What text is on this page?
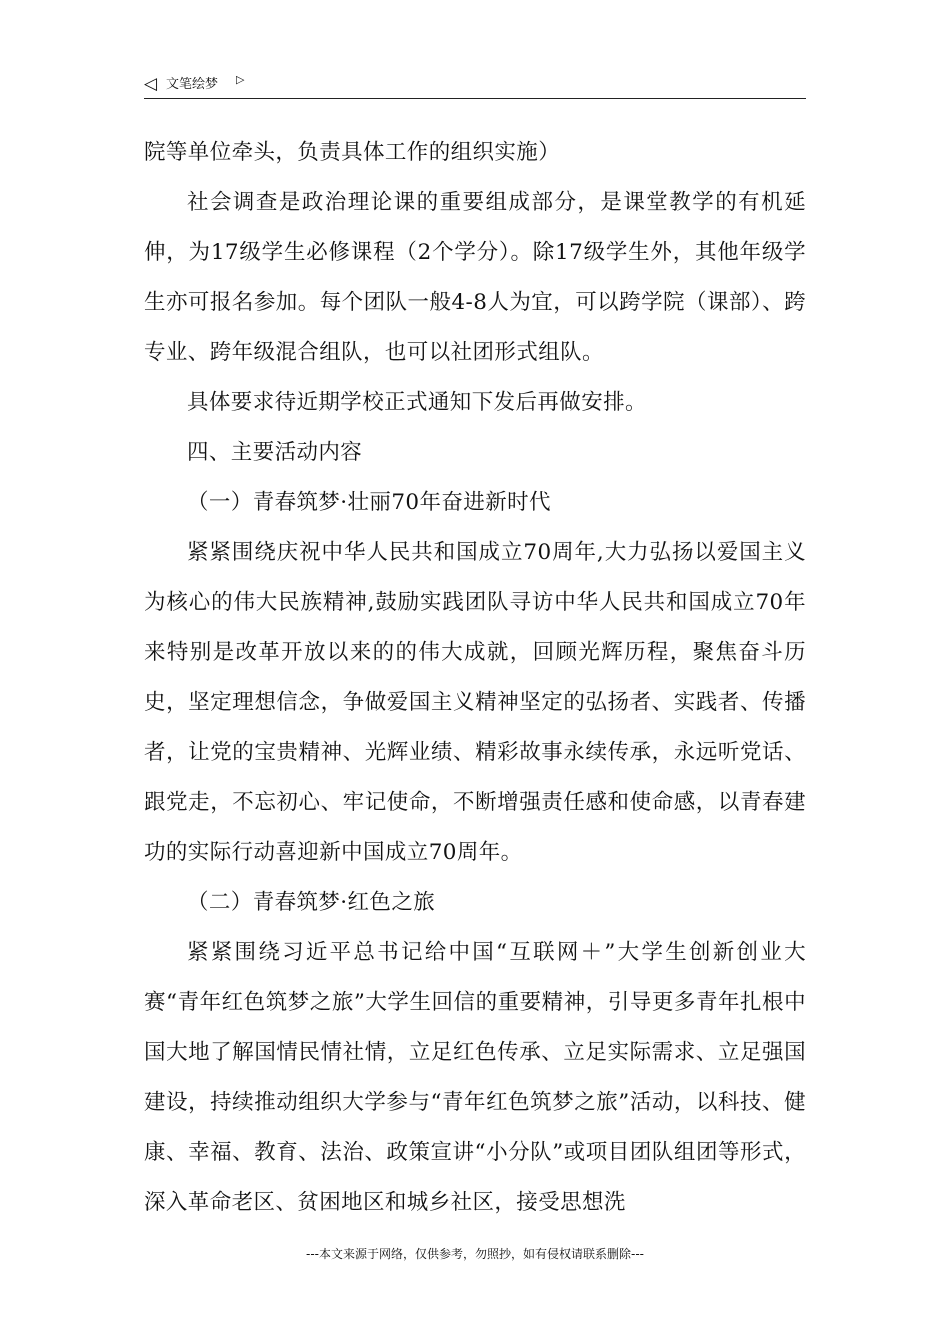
◁ 文笔绘梦 ▷

院等单位牵头，负责具体工作的组织实施）

社会调查是政治理论课的重要组成部分，是课堂教学的有机延伸，为17级学生必修课程（2个学分）。除17级学生外，其他年级学生亦可报名参加。每个团队一般4-8人为宜，可以跨学院（课部）、跨专业、跨年级混合组队，也可以社团形式组队。

具体要求待近期学校正式通知下发后再做安排。

四、主要活动内容

（一）青春筑梦·壮丽70年奋进新时代

紧紧围绕庆祝中华人民共和国成立70周年,大力弘扬以爱国主义为核心的伟大民族精神,鼓励实践团队寻访中华人民共和国成立70年来特别是改革开放以来的的伟大成就，回顾光辉历程，聚焦奋斗历史，坚定理想信念，争做爱国主义精神坚定的弘扬者、实践者、传播者，让党的宝贵精神、光辉业绩、精彩故事永续传承，永远听党话、跟党走，不忘初心、牢记使命，不断增强责任感和使命感，以青春建功的实际行动喜迎新中国成立70周年。

（二）青春筑梦·红色之旅

紧紧围绕习近平总书记给中国“互联网＋”大学生创新创业大赛“青年红色筑梦之旅”大学生回信的重要精神，引导更多青年扎根中国大地了解国情民情社情，立足红色传承、立足实际需求、立足强国建设，持续推动组织大学参与“青年红色筑梦之旅”活动，以科技、健康、幸福、教育、法治、政策宣讲“小分队”或项目团队组团等形式，深入革命老区、贫困地区和城乡社区，接受思想洗

---本文来源于网络，仅供参考，勿照抄，如有侵权请联系删除---
